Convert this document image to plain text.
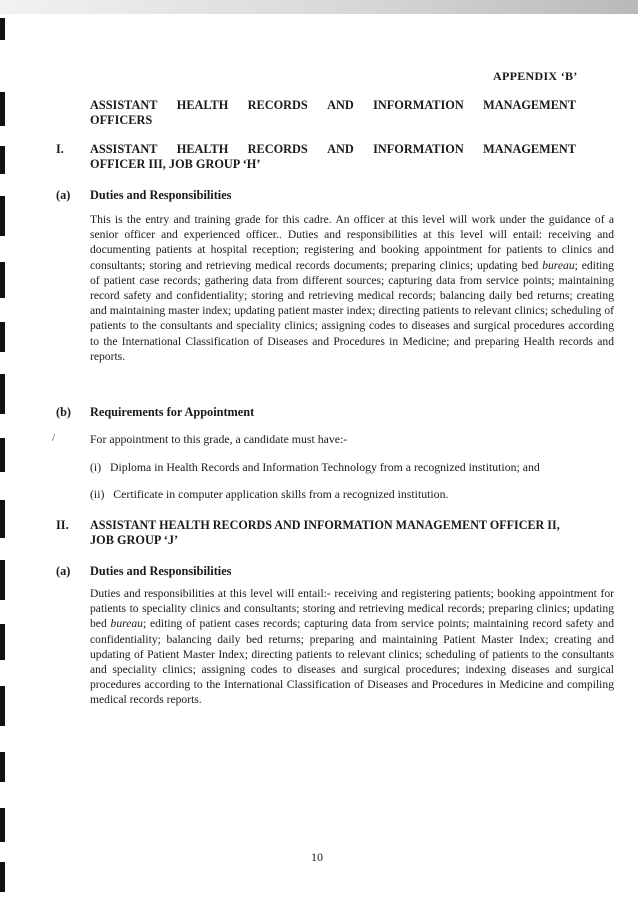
APPENDIX ‘B’
ASSISTANT HEALTH RECORDS AND INFORMATION MANAGEMENT
OFFICERS
I. ASSISTANT HEALTH RECORDS AND INFORMATION MANAGEMENT
OFFICER III, JOB GROUP ‘H’
(a) Duties and Responsibilities
This is the entry and training grade for this cadre. An officer at this level will work under the guidance of a senior officer and experienced officer.. Duties and responsibilities at this level will entail: receiving and documenting patients at hospital reception; registering and booking appointment for patients to clinics and consultants; storing and retrieving medical records documents; preparing clinics; updating bed bureau; editing of patient case records; gathering data from different sources; capturing data from service points; maintaining record safety and confidentiality; storing and retrieving medical records; balancing daily bed returns; creating and maintaining master index; updating patient master index; directing patients to relevant clinics; scheduling of patients to the consultants and speciality clinics; assigning codes to diseases and surgical procedures according to the International Classification of Diseases and Procedures in Medicine; and preparing Health records and reports.
(b) Requirements for Appointment
/	For appointment to this grade, a candidate must have:-
(i) Diploma in Health Records and Information Technology from a recognized institution; and
(ii) Certificate in computer application skills from a recognized institution.
II. ASSISTANT HEALTH RECORDS AND INFORMATION MANAGEMENT OFFICER II,
JOB GROUP ‘J’
(a) Duties and Responsibilities
Duties and responsibilities at this level will entail:- receiving and registering patients; booking appointment for patients to speciality clinics and consultants; storing and retrieving medical records; preparing clinics; updating bed bureau; editing of patient cases records; capturing data from service points; maintaining record safety and confidentiality; balancing daily bed returns; preparing and maintaining Patient Master Index; creating and updating of Patient Master Index; directing patients to relevant clinics; scheduling of patients to the consultants and speciality clinics; assigning codes to diseases and surgical procedures; indexing diseases and surgical procedures according to the International Classification of Diseases and Procedures in Medicine and compiling medical records reports.
10
